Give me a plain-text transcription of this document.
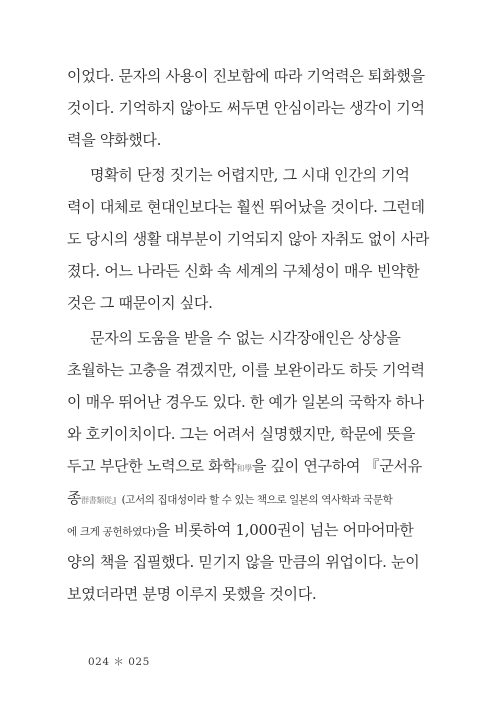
이었다. 문자의 사용이 진보함에 따라 기억력은 퇴화했을
것이다. 기억하지 않아도 써두면 안심이라는 생각이 기억
력을 약화했다.
명확히 단정 짓기는 어렵지만, 그 시대 인간의 기억
력이 대체로 현대인보다는 훨씬 뛰어났을 것이다. 그런데
도 당시의 생활 대부분이 기억되지 않아 자취도 없이 사라
졌다. 어느 나라든 신화 속 세계의 구체성이 매우 빈약한
것은 그 때문이지 싶다.
문자의 도움을 받을 수 없는 시각장애인은 상상을
초월하는 고충을 겪겠지만, 이를 보완이라도 하듯 기억력
이 매우 뛰어난 경우도 있다. 한 예가 일본의 국학자 하나
와 호키이치이다. 그는 어려서 실명했지만, 학문에 뜻을
두고 부단한 노력으로 화학和學을 깊이 연구하여 『군서유
종群書類從』(고서의 집대성이라 할 수 있는 책으로 일본의 역사학과 국문학
에 크게 공헌하였다)을 비롯하여 1,000권이 넘는 어마어마한
양의 책을 집필했다. 믿기지 않을 만큼의 위업이다. 눈이
보였더라면 분명 이루지 못했을 것이다.
024 ＊ 025
